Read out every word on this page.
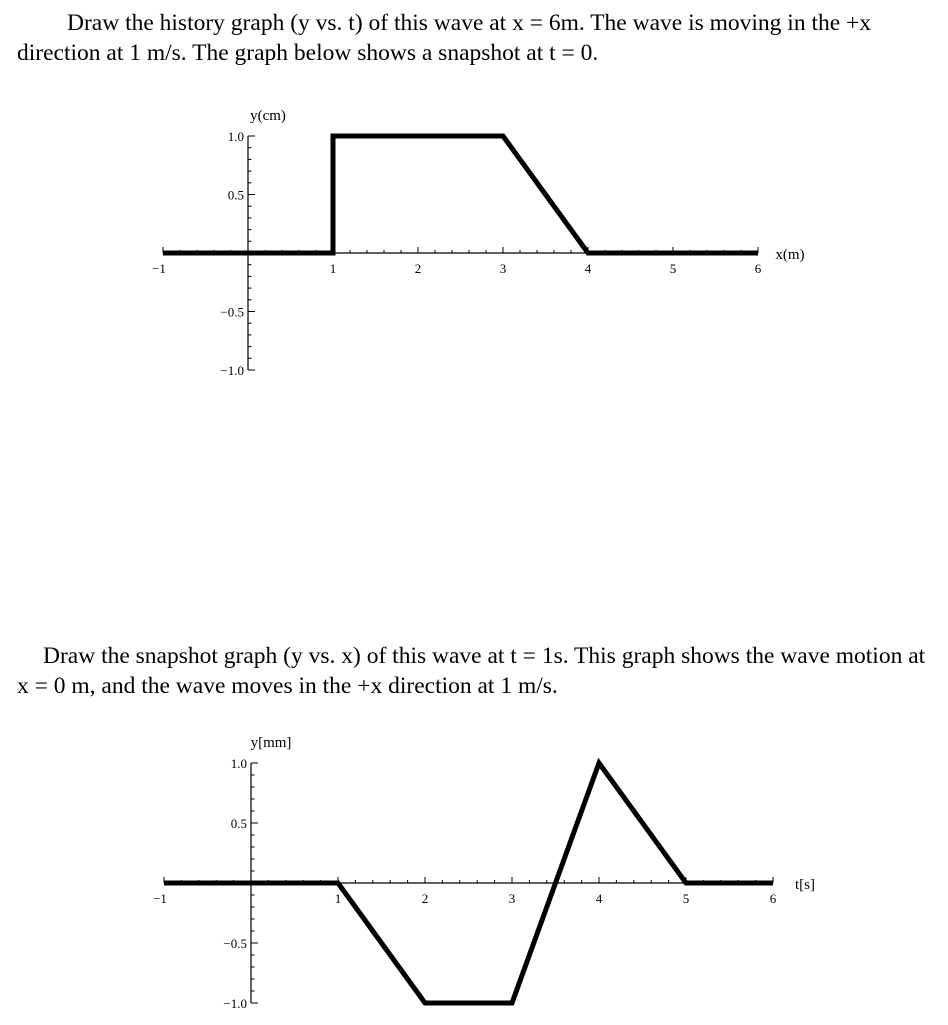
Draw the history graph (y vs. t) of this wave at x = 6m. The wave is moving in the +x direction at 1 m/s. The graph below shows a snapshot at t = 0.
−1	1	2	3	4	5	6
1.0
0.5
−0.5
−1.0
y(cm)
x(m)
Draw the snapshot graph (y vs. x) of this wave at t = 1s. This graph shows the wave motion at x = 0 m, and the wave moves in the +x direction at 1 m/s.
−1	1	2	3	4	5	6
1.0
0.5
−0.5
−1.0
y[mm]
t[s]
